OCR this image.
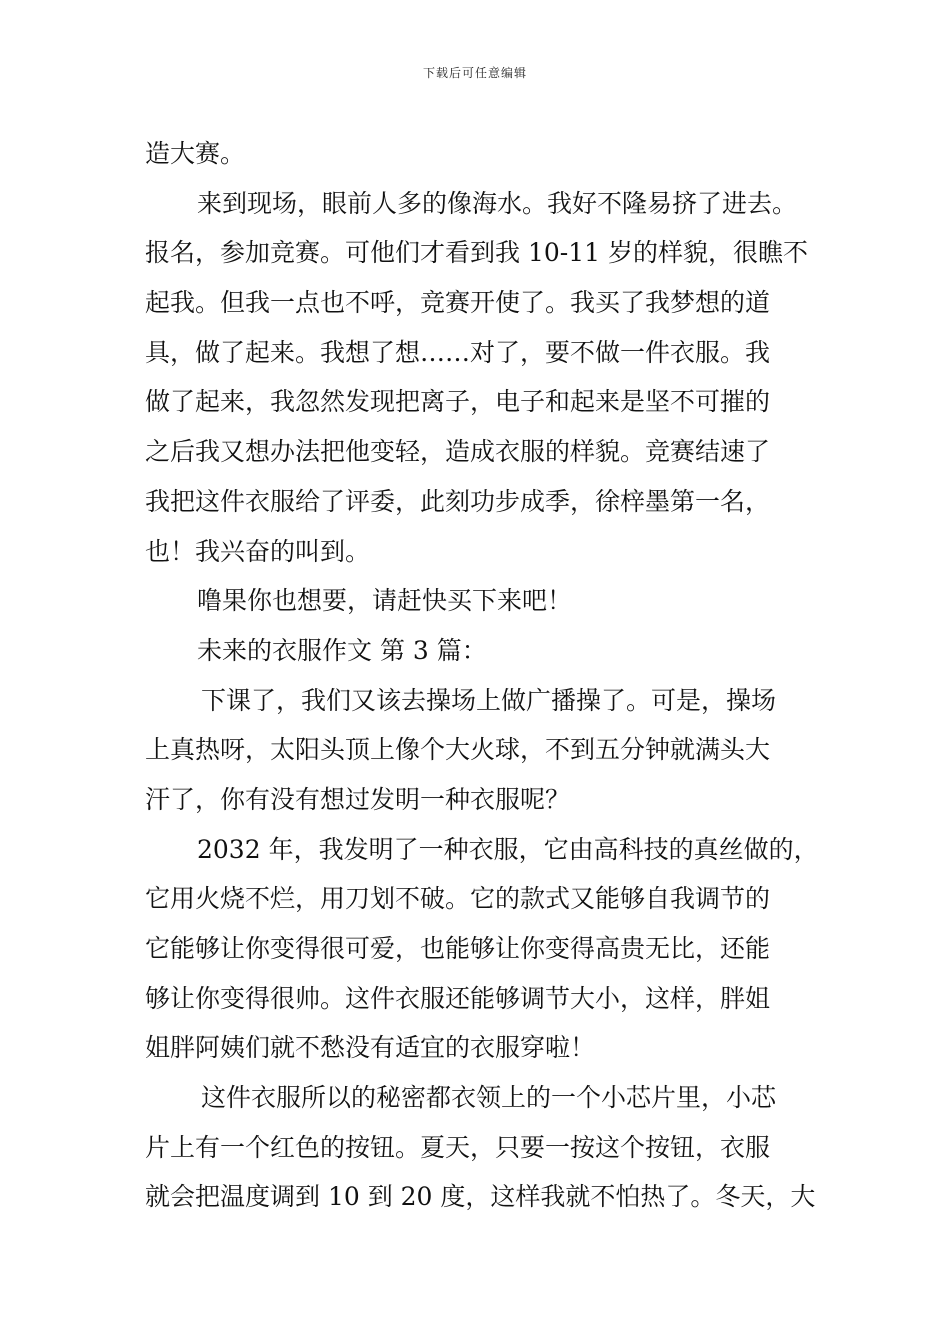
下载后可任意编辑
造大赛。
来到现场，眼前人多的像海水。我好不隆易挤了进去。
报名，参加竞赛。可他们才看到我 10-11 岁的样貌，很瞧不
起我。但我一点也不呼，竞赛开使了。我买了我梦想的道
具，做了起来。我想了想……对了，要不做一件衣服。我
做了起来，我忽然发现把离子，电子和起来是坚不可摧的
之后我又想办法把他变轻，造成衣服的样貌。竞赛结速了
我把这件衣服给了评委，此刻功步成季，徐梓墨第一名，
也！我兴奋的叫到。
噜果你也想要，请赶快买下来吧！
未来的衣服作文 第 3 篇：
下课了，我们又该去操场上做广播操了。可是，操场
上真热呀，太阳头顶上像个大火球，不到五分钟就满头大
汗了，你有没有想过发明一种衣服呢？
2032 年，我发明了一种衣服，它由高科技的真丝做的，
它用火烧不烂，用刀划不破。它的款式又能够自我调节的
它能够让你变得很可爱，也能够让你变得高贵无比，还能
够让你变得很帅。这件衣服还能够调节大小，这样，胖姐
姐胖阿姨们就不愁没有适宜的衣服穿啦！
这件衣服所以的秘密都衣领上的一个小芯片里，小芯
片上有一个红色的按钮。夏天，只要一按这个按钮，衣服
就会把温度调到 10 到 20 度，这样我就不怕热了。冬天，大
